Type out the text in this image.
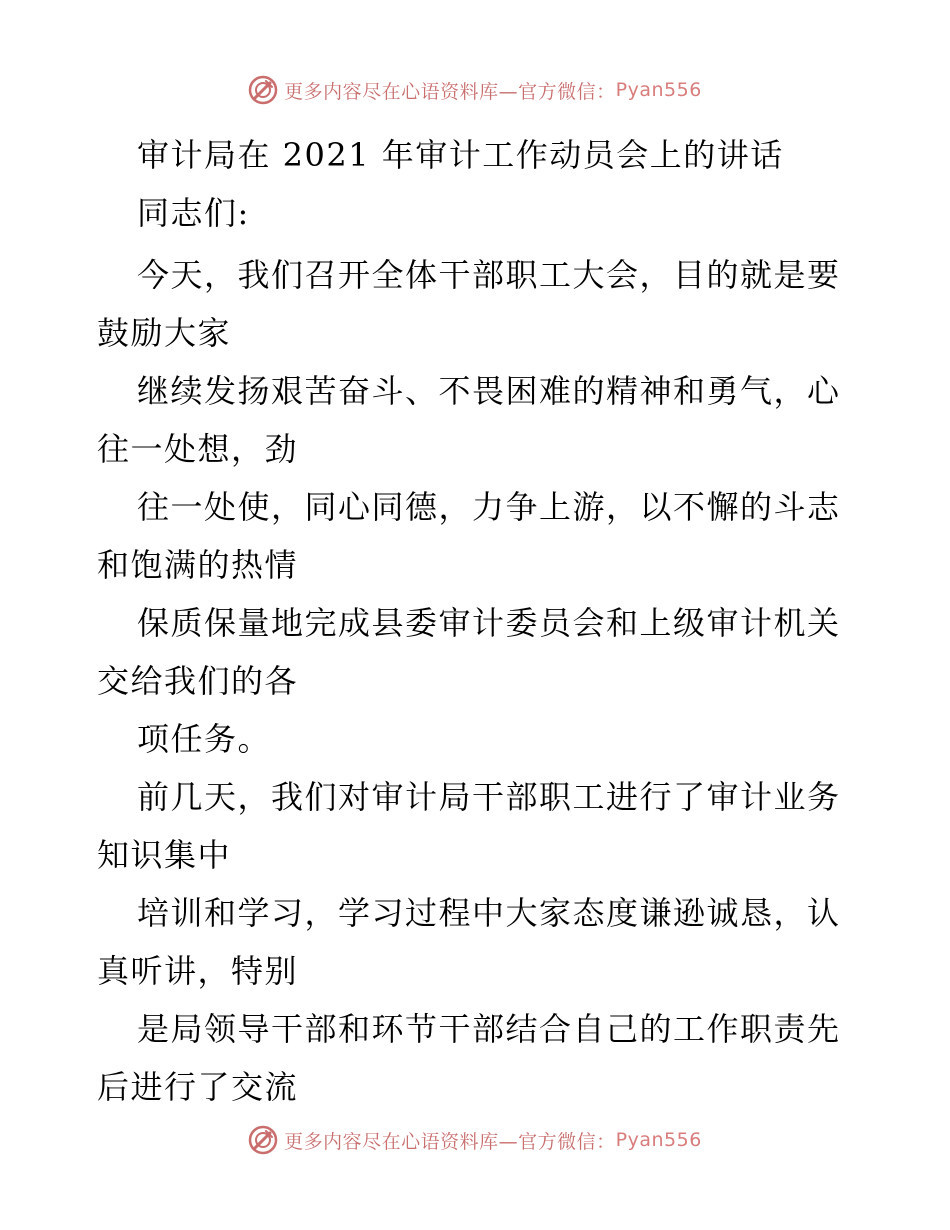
更多内容尽在心语资料库—官方微信： Pyan556
审计局在 2021 年审计工作动员会上的讲话
同志们:
今天，我们召开全体干部职工大会，目的就是要
鼓励大家
继续发扬艰苦奋斗、不畏困难的精神和勇气，心
往一处想，劲
往一处使，同心同德，力争上游，以不懈的斗志
和饱满的热情
保质保量地完成县委审计委员会和上级审计机关
交给我们的各
项任务。
前几天，我们对审计局干部职工进行了审计业务
知识集中
培训和学习，学习过程中大家态度谦逊诚恳，认
真听讲，特别
是局领导干部和环节干部结合自己的工作职责先
后进行了交流
更多内容尽在心语资料库—官方微信： Pyan556
